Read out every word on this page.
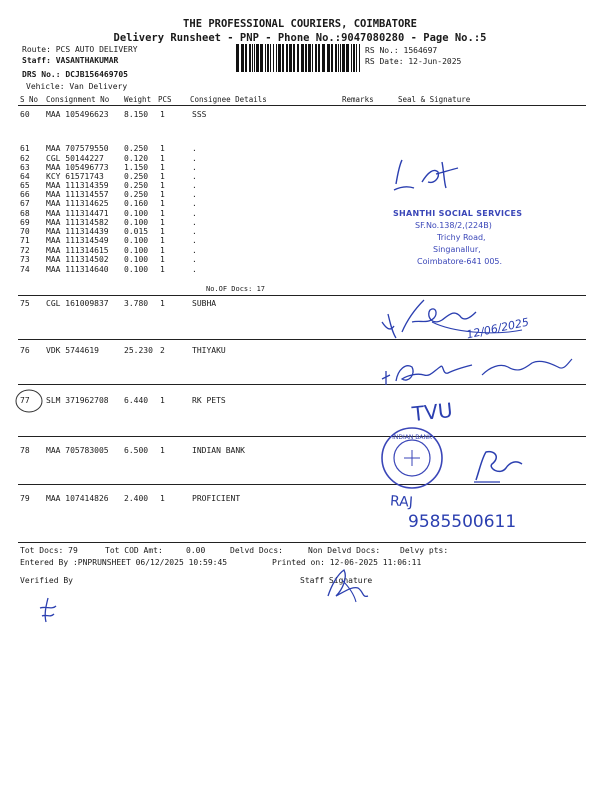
THE PROFESSIONAL COURIERS, COIMBATORE
Delivery Runsheet - PNP - Phone No.:9047080280 - Page No.:5
Route: PCS AUTO DELIVERY
Staff: VASANTHAKUMAR
DRS No.: DCJB156469705
Vehicle: Van Delivery
RS No.: 1564697
RS Date: 12-Jun-2025
S No Consignment No Weight PCS Consignee Details	Remarks	Seal & Signature
60 MAA 105496623 8.150 1	SSS
61 MAA 707579550 0.250 1	.
62 CGL 50144227	0.120 1	.
63 MAA 105496773 1.150 1	.
64 KCY 61571743	0.250 1	.
65 MAA 111314359 0.250 1	.
66 MAA 111314557 0.250 1	.
67 MAA 111314625 0.160 1	.
68 MAA 111314471 0.100 1	.
69 MAA 111314582 0.100 1	.
70 MAA 111314439 0.015 1	.
71 MAA 111314549 0.100 1	.
72 MAA 111314615 0.100 1	.
73 MAA 111314502 0.100 1	.
74 MAA 111314640 0.100 1	.
75 CGL 161009837 3.780 1	SUBHA
76 VDK 5744619	25.230 2	THIYAKU
77 SLM 371962708 6.440 1	RK PETS
78 MAA 705783005 6.500 1	INDIAN BANK
79 MAA 107414826 2.400 1	PROFICIENT
No.OF Docs: 17
SHANTHI SOCIAL SERVICES
SF.No.138/2,(224B)
Trichy Road,
Singanallur,
Coimbatore-641 005.
12/06/2025
TVU
INDIAN BANK
RAJ
9585500611
Tot Docs: 79	Tot COD Amt:	0.00	Delvd Docs:	Non Delvd Docs: Delvy pts:
Entered By :PNPRUNSHEET 06/12/2025 10:59:45	Printed on: 12-06-2025 11:06:11
Verified By	Staff Signature
